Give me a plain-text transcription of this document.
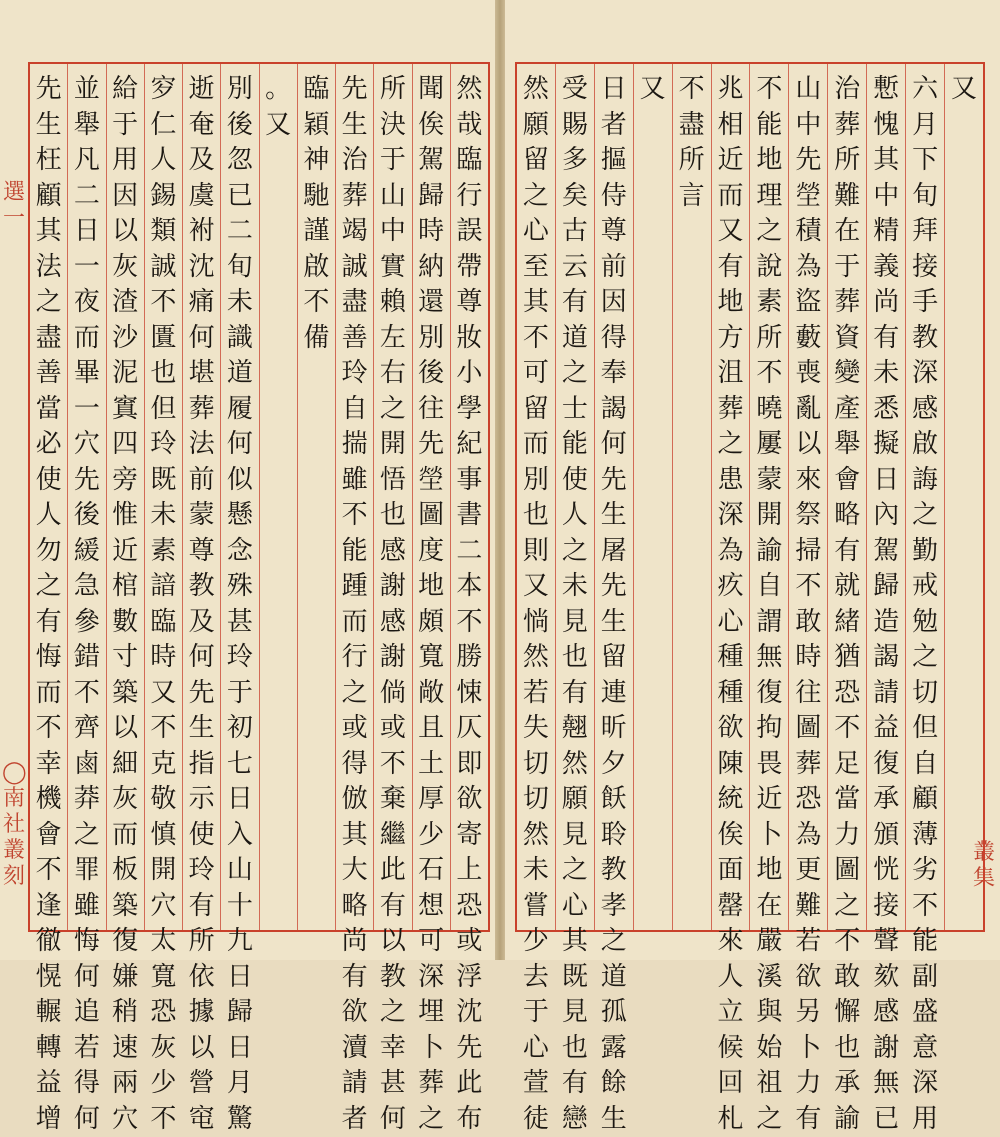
選
一
◯
南
社
叢
刻
叢
集
然
哉
臨
行
誤
帶
尊
妝
小
學
紀
事
書
二
本
不
勝
悚
仄
即
欲
寄
上
恐
或
浮
沈
先
此
布
聞
俟
駕
歸
時
納
還
別
後
往
先
塋
圖
度
地
頗
寬
敞
且
土
厚
少
石
想
可
深
埋
卜
葬
之
所
決
于
山
中
實
賴
左
右
之
開
悟
也
感
謝
感
謝
倘
或
不
棄
繼
此
有
以
教
之
幸
甚
何
先
生
治
葬
竭
誠
盡
善
玲
自
揣
雖
不
能
踵
而
行
之
或
得
倣
其
大
略
尚
有
欲
瀆
請
者
臨
穎
神
馳
謹
啟
不
備
。
又
別
後
忽
已
二
旬
未
識
道
履
何
似
懸
念
殊
甚
玲
于
初
七
日
入
山
十
九
日
歸
日
月
驚
逝
奄
及
虞
袝
沈
痛
何
堪
葬
法
前
蒙
尊
教
及
何
先
生
指
示
使
玲
有
所
依
據
以
營
窀
穸
仁
人
錫
類
誠
不
匱
也
但
玲
既
未
素
諳
臨
時
又
不
克
敬
慎
開
穴
太
寬
恐
灰
少
不
給
于
用
因
以
灰
渣
沙
泥
窴
四
旁
惟
近
棺
數
寸
築
以
細
灰
而
板
築
復
嫌
稍
速
兩
穴
並
舉
凡
二
日
一
夜
而
畢
一
穴
先
後
緩
急
參
錯
不
齊
鹵
莽
之
罪
雖
悔
何
追
若
得
何
先
生
枉
顧
其
法
之
盡
善
當
必
使
人
勿
之
有
悔
而
不
幸
機
會
不
逢
徹
愰
輾
轉
益
增
又
六
月
下
旬
拜
接
手
教
深
感
啟
誨
之
勤
戒
勉
之
切
但
自
顧
薄
劣
不
能
副
盛
意
深
用
慙
愧
其
中
精
義
尚
有
未
悉
擬
日
內
駕
歸
造
謁
請
益
復
承
頒
恍
接
聲
欬
感
謝
無
已
治
葬
所
難
在
于
葬
資
變
產
舉
會
略
有
就
緒
猶
恐
不
足
當
力
圖
之
不
敢
懈
也
承
諭
山
中
先
塋
積
為
盜
藪
喪
亂
以
來
祭
掃
不
敢
時
往
圖
葬
恐
為
更
難
若
欲
另
卜
力
有
不
能
地
理
之
說
素
所
不
曉
屢
蒙
開
諭
自
謂
無
復
拘
畏
近
卜
地
在
嚴
溪
與
始
祖
之
兆
相
近
而
又
有
地
方
沮
葬
之
患
深
為
疚
心
種
種
欲
陳
統
俟
面
罄
來
人
立
候
回
札
不
盡
所
言
又
日
者
摳
侍
尊
前
因
得
奉
謁
何
先
生
屠
先
生
留
連
昕
夕
飫
聆
教
孝
之
道
孤
露
餘
生
受
賜
多
矣
古
云
有
道
之
士
能
使
人
之
未
見
也
有
翹
然
願
見
之
心
其
既
見
也
有
戀
然
願
留
之
心
至
其
不
可
留
而
別
也
則
又
惝
然
若
失
切
切
然
未
嘗
少
去
于
心
萱
徒
